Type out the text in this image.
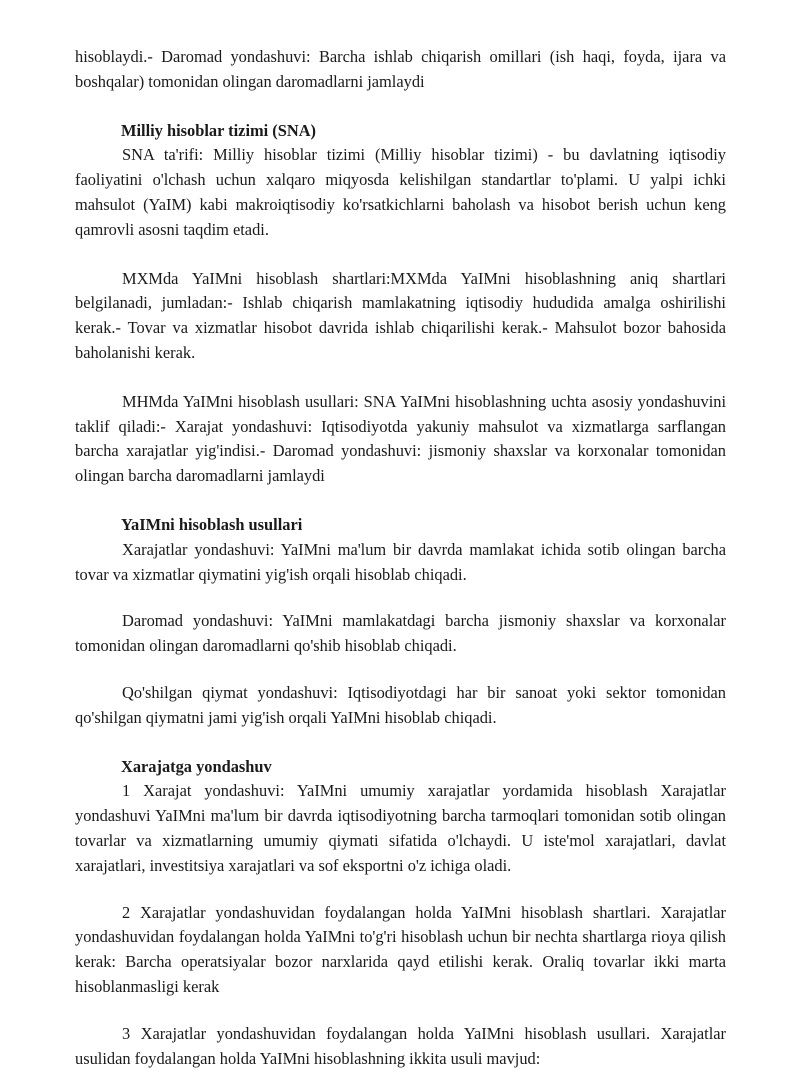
hisoblaydi.- Daromad yondashuvi: Barcha ishlab chiqarish omillari (ish haqi, foyda, ijara va boshqalar) tomonidan olingan daromadlarni jamlaydi

Milliy hisoblar tizimi (SNA)

SNA ta'rifi: Milliy hisoblar tizimi (Milliy hisoblar tizimi) - bu davlatning iqtisodiy faoliyatini o'lchash uchun xalqaro miqyosda kelishilgan standartlar to'plami. U yalpi ichki mahsulot (YaIM) kabi makroiqtisodiy ko'rsatkichlarni baholash va hisobot berish uchun keng qamrovli asosni taqdim etadi.

MXMda YaIMni hisoblash shartlari:MXMda YaIMni hisoblashning aniq shartlari belgilanadi, jumladan:- Ishlab chiqarish mamlakatning iqtisodiy hududida amalga oshirilishi kerak.- Tovar va xizmatlar hisobot davrida ishlab chiqarilishi kerak.- Mahsulot bozor bahosida baholanishi kerak.

MHMda YaIMni hisoblash usullari: SNA YaIMni hisoblashning uchta asosiy yondashuvini taklif qiladi:- Xarajat yondashuvi: Iqtisodiyotda yakuniy mahsulot va xizmatlarga sarflangan barcha xarajatlar yig'indisi.- Daromad yondashuvi: jismoniy shaxslar va korxonalar tomonidan olingan barcha daromadlarni jamlaydi

YaIMni hisoblash usullari

Xarajatlar yondashuvi: YaIMni ma'lum bir davrda mamlakat ichida sotib olingan barcha tovar va xizmatlar qiymatini yig'ish orqali hisoblab chiqadi.

Daromad yondashuvi: YaIMni mamlakatdagi barcha jismoniy shaxslar va korxonalar tomonidan olingan daromadlarni qo'shib hisoblab chiqadi.

Qo'shilgan qiymat yondashuvi: Iqtisodiyotdagi har bir sanoat yoki sektor tomonidan qo'shilgan qiymatni jami yig'ish orqali YaIMni hisoblab chiqadi.

Xarajatga yondashuv

1 Xarajat yondashuvi: YaIMni umumiy xarajatlar yordamida hisoblash Xarajatlar yondashuvi YaIMni ma'lum bir davrda iqtisodiyotning barcha tarmoqlari tomonidan sotib olingan tovarlar va xizmatlarning umumiy qiymati sifatida o'lchaydi. U iste'mol xarajatlari, davlat xarajatlari, investitsiya xarajatlari va sof eksportni o'z ichiga oladi.

2 Xarajatlar yondashuvidan foydalangan holda YaIMni hisoblash shartlari. Xarajatlar yondashuvidan foydalangan holda YaIMni to'g'ri hisoblash uchun bir nechta shartlarga rioya qilish kerak: Barcha operatsiyalar bozor narxlarida qayd etilishi kerak. Oraliq tovarlar ikki marta hisoblanmasligi kerak

3 Xarajatlar yondashuvidan foydalangan holda YaIMni hisoblash usullari. Xarajatlar usulidan foydalangan holda YaIMni hisoblashning ikkita usuli mavjud:
